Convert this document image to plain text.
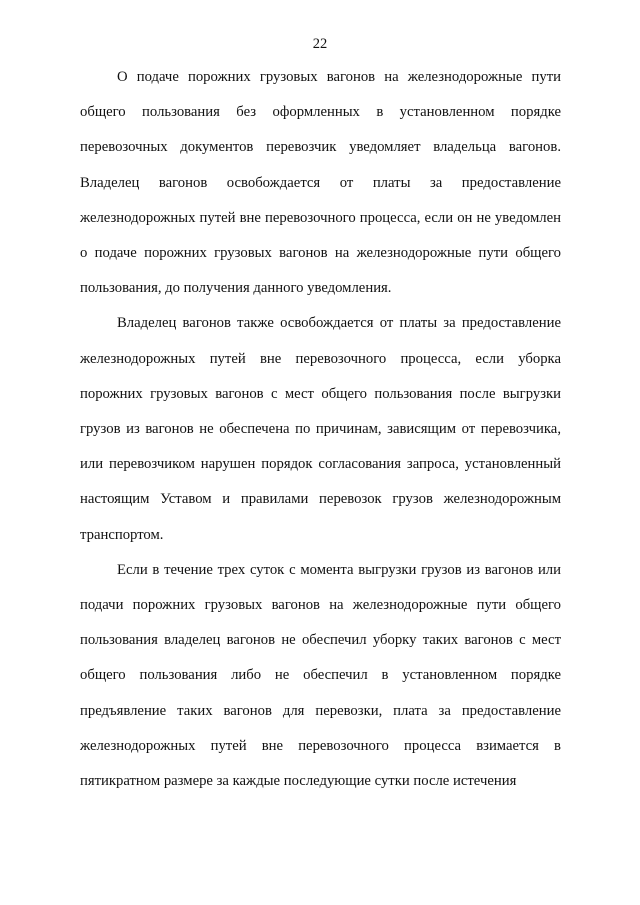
22

О подаче порожних грузовых вагонов на железнодорожные пути общего пользования без оформленных в установленном порядке перевозочных документов перевозчик уведомляет владельца вагонов. Владелец вагонов освобождается от платы за предоставление железнодорожных путей вне перевозочного процесса, если он не уведомлен о подаче порожних грузовых вагонов на железнодорожные пути общего пользования, до получения данного уведомления.

Владелец вагонов также освобождается от платы за предоставление железнодорожных путей вне перевозочного процесса, если уборка порожних грузовых вагонов с мест общего пользования после выгрузки грузов из вагонов не обеспечена по причинам, зависящим от перевозчика, или перевозчиком нарушен порядок согласования запроса, установленный настоящим Уставом и правилами перевозок грузов железнодорожным транспортом.

Если в течение трех суток с момента выгрузки грузов из вагонов или подачи порожних грузовых вагонов на железнодорожные пути общего пользования владелец вагонов не обеспечил уборку таких вагонов с мест общего пользования либо не обеспечил в установленном порядке предъявление таких вагонов для перевозки, плата за предоставление железнодорожных путей вне перевозочного процесса взимается в пятикратном размере за каждые последующие сутки после истечения
